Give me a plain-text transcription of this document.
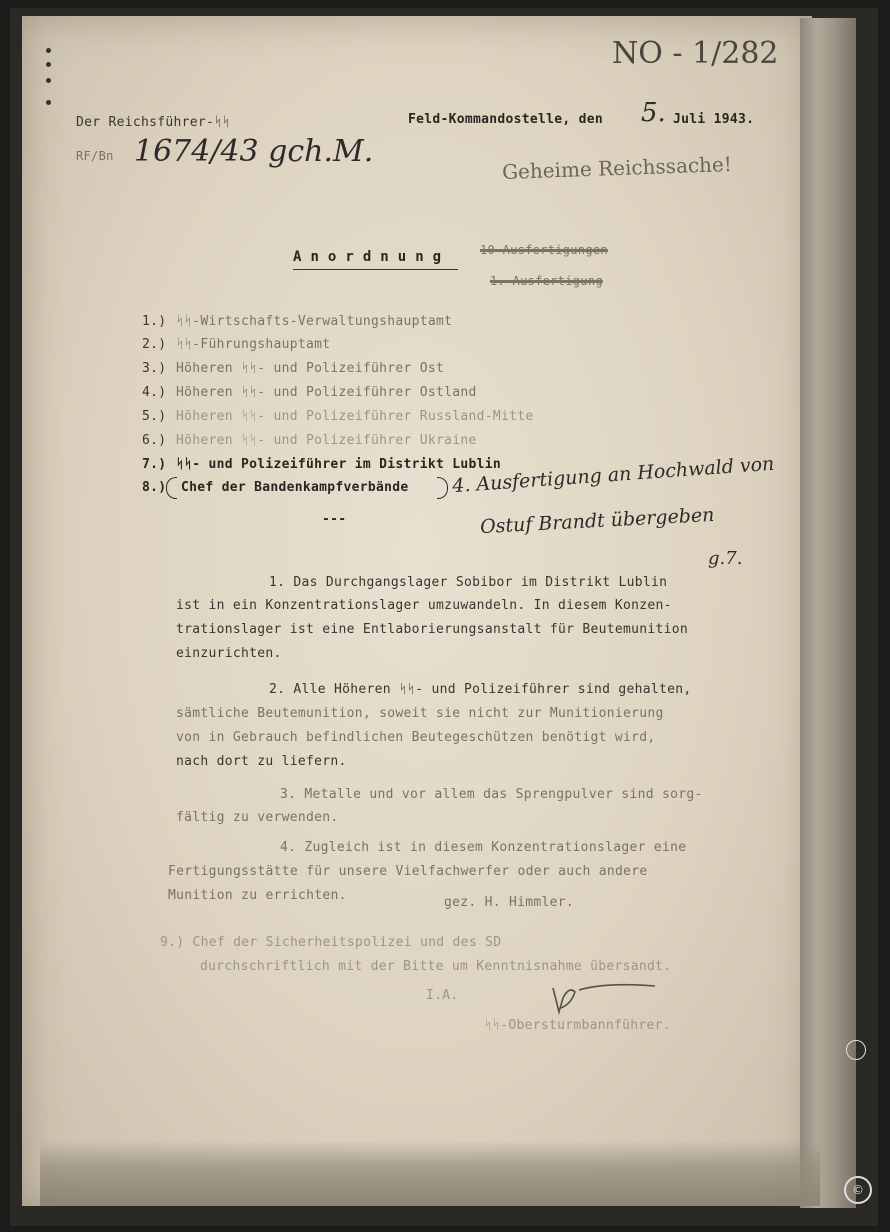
Der Reichsführer-ᛋᛋ
RF/Bn 1674/43 gch.M.
Feld-Kommandostelle, den 5. Juli 1943.
NO - 1/282
Geheime Reichssache!
A n o r d n u n g	10 Ausfertigungen
1. Ausfertigung
1.) ᛋᛋ-Wirtschafts-Verwaltungshauptamt
2.) ᛋᛋ-Führungshauptamt
3.) Höheren ᛋᛋ- und Polizeiführer Ost
4.) Höheren ᛋᛋ- und Polizeiführer Ostland
5.) Höheren ᛋᛋ- und Polizeiführer Russland-Mitte
6.) Höheren ᛋᛋ- und Polizeiführer Ukraine
7.) ᛋᛋ- und Polizeiführer im Distrikt Lublin
8.) Chef der Bandenkampfverbände 4. Ausfertigung an Hochwald von
Ostuf Brandt übergeben
g.7.
---
1. Das Durchgangslager Sobibor im Distrikt Lublin
ist in ein Konzentrationslager umzuwandeln. In diesem Konzen-
trationslager ist eine Entlaborierungsanstalt für Beutemunition
einzurichten.
2. Alle Höheren ᛋᛋ- und Polizeiführer sind gehalten,
sämtliche Beutemunition, soweit sie nicht zur Munitionierung
von in Gebrauch befindlichen Beutegeschützen benötigt wird,
nach dort zu liefern.
3. Metalle und vor allem das Sprengpulver sind sorg-
fältig zu verwenden.
4. Zugleich ist in diesem Konzentrationslager eine
Fertigungsstätte für unsere Vielfachwerfer oder auch andere
Munition zu errichten.	gez. H. Himmler.
9.) Chef der Sicherheitspolizei und des SD
durchschriftlich mit der Bitte um Kenntnisnahme übersandt.
I.A.
ᛋᛋ-Obersturmbannführer.
©
